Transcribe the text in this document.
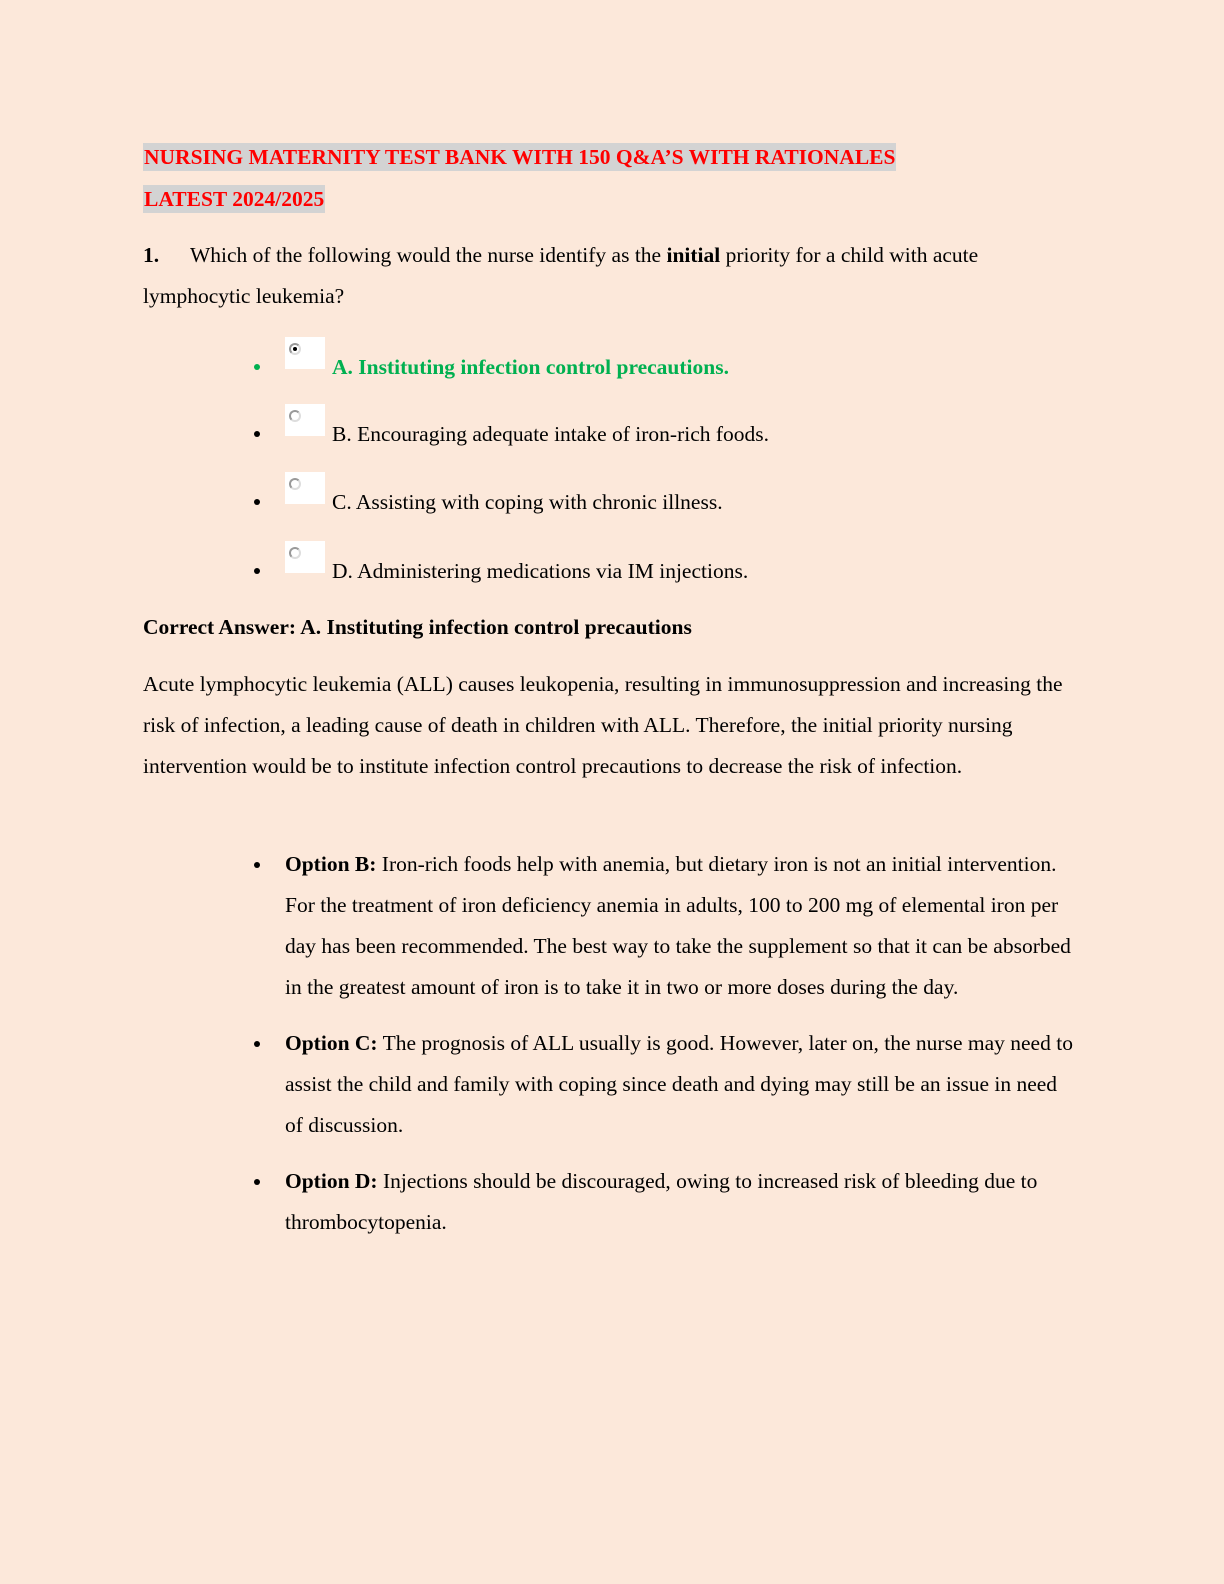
NURSING MATERNITY TEST BANK WITH 150 Q&A’S WITH RATIONALES
LATEST 2024/2025
1. Which of the following would the nurse identify as the initial priority for a child with acute lymphocytic leukemia?
A. Instituting infection control precautions.
B. Encouraging adequate intake of iron-rich foods.
C. Assisting with coping with chronic illness.
D. Administering medications via IM injections.
Correct Answer: A. Instituting infection control precautions
Acute lymphocytic leukemia (ALL) causes leukopenia, resulting in immunosuppression and increasing the risk of infection, a leading cause of death in children with ALL. Therefore, the initial priority nursing intervention would be to institute infection control precautions to decrease the risk of infection.
Option B: Iron-rich foods help with anemia, but dietary iron is not an initial intervention. For the treatment of iron deficiency anemia in adults, 100 to 200 mg of elemental iron per day has been recommended. The best way to take the supplement so that it can be absorbed in the greatest amount of iron is to take it in two or more doses during the day.
Option C: The prognosis of ALL usually is good. However, later on, the nurse may need to assist the child and family with coping since death and dying may still be an issue in need of discussion.
Option D: Injections should be discouraged, owing to increased risk of bleeding due to thrombocytopenia.
